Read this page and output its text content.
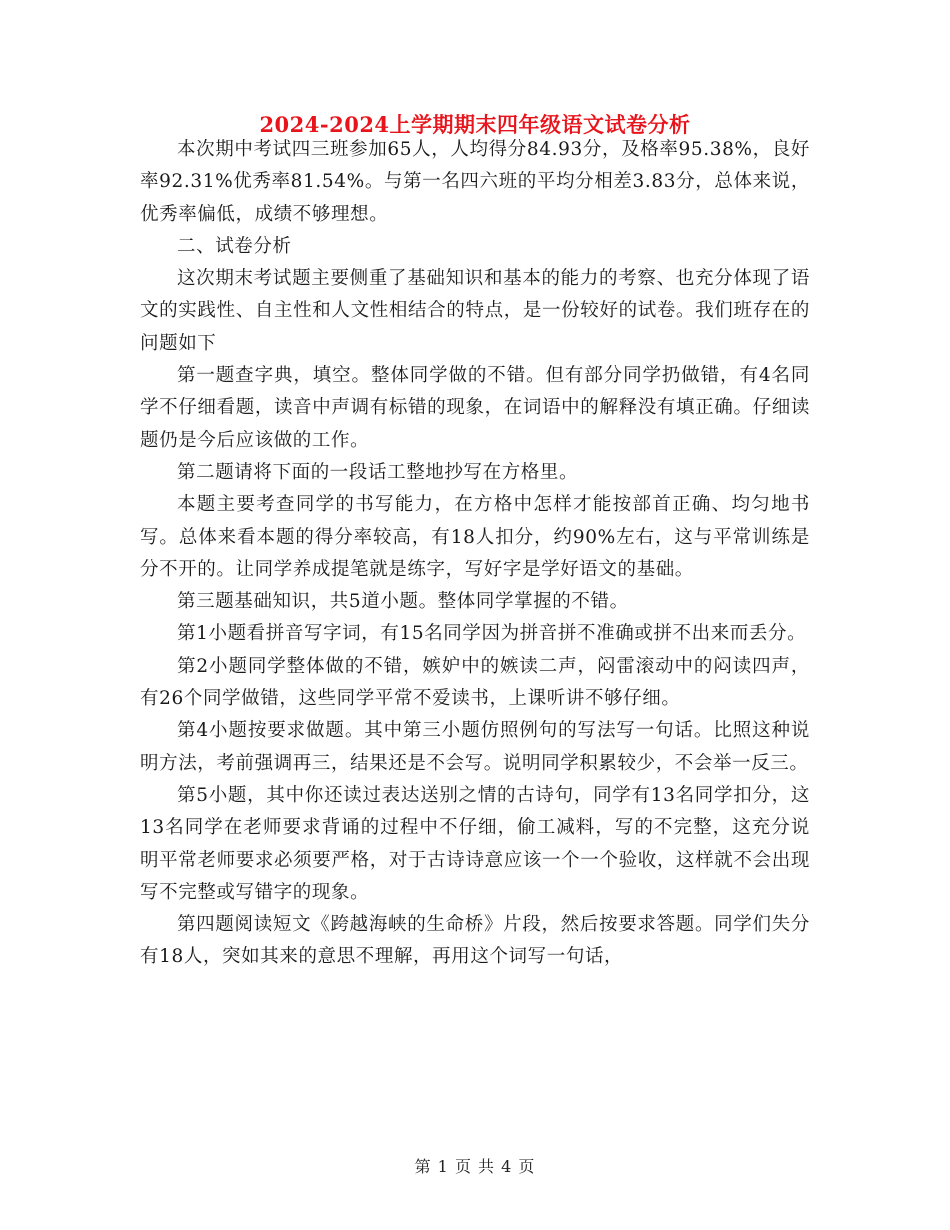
2024-2024上学期期末四年级语文试卷分析

本次期中考试四三班参加65人，人均得分84.93分，及格率95.38%，良好率92.31%优秀率81.54%。与第一名四六班的平均分相差3.83分，总体来说，优秀率偏低，成绩不够理想。

二、试卷分析

这次期末考试题主要侧重了基础知识和基本的能力的考察、也充分体现了语文的实践性、自主性和人文性相结合的特点，是一份较好的试卷。我们班存在的问题如下

第一题查字典，填空。整体同学做的不错。但有部分同学扔做错，有4名同学不仔细看题，读音中声调有标错的现象，在词语中的解释没有填正确。仔细读题仍是今后应该做的工作。

第二题请将下面的一段话工整地抄写在方格里。

本题主要考查同学的书写能力，在方格中怎样才能按部首正确、均匀地书写。总体来看本题的得分率较高，有18人扣分，约90%左右，这与平常训练是分不开的。让同学养成提笔就是练字，写好字是学好语文的基础。

第三题基础知识，共5道小题。整体同学掌握的不错。

第1小题看拼音写字词，有15名同学因为拼音拼不准确或拼不出来而丢分。

第2小题同学整体做的不错，嫉妒中的嫉读二声，闷雷滚动中的闷读四声，有26个同学做错，这些同学平常不爱读书，上课听讲不够仔细。

第4小题按要求做题。其中第三小题仿照例句的写法写一句话。比照这种说明方法，考前强调再三，结果还是不会写。说明同学积累较少，不会举一反三。

第5小题，其中你还读过表达送别之情的古诗句，同学有13名同学扣分，这13名同学在老师要求背诵的过程中不仔细，偷工减料，写的不完整，这充分说明平常老师要求必须要严格，对于古诗诗意应该一个一个验收，这样就不会出现写不完整或写错字的现象。

第四题阅读短文《跨越海峡的生命桥》片段，然后按要求答题。同学们失分有18人，突如其来的意思不理解，再用这个词写一句话，

第 1 页 共 4 页
